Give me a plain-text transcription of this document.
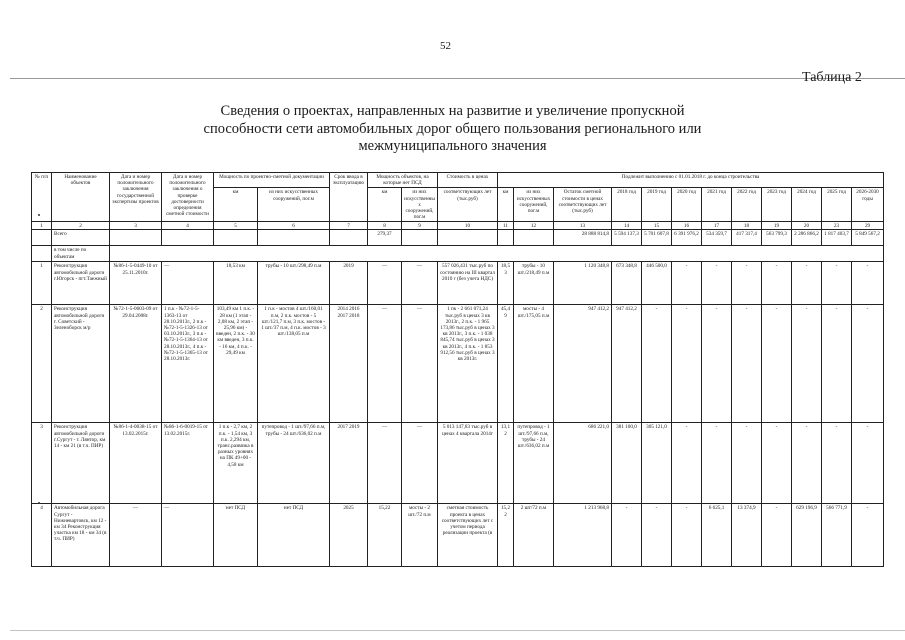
52
Таблица 2
Сведения о проектах, направленных на развитие и увеличение пропускной способности сети автомобильных дорог общего пользования регионального или межмуниципального значения
№ п/п	Наименование объектов	Дата и номер положительного заключения государственной экспертизы проектов	Дата и номер положительного заключения о проверке достоверности определения сметной стоимости	Мощность по проектно-сметной документации		Срок ввода в эксплуатацию	Мощность объектов, на которые нет ПСД		Стоимость в ценах	Подлежит выполнению с 01.01.2018 г. до конца строительства											
				км	из них искусственных сооружений, пог.м		км	из них искусственных сооружений, пог.м	соответствующих лет (тыс.руб)	км	из них искусственных сооружений, пог.м	Остаток сметной стоимости в ценах соответствующих лет (тыс.руб)	2018 год	2019 год	2020 год	2021 год	2022 год	2023 год	2024 год	2025 год	2026-2030 годы
1	2	3	4	5	6	7	8	9	10	11	12	13	14	15	16	17	18	19	20	23	29
	Всего						279,37					28 888 814,8	5 594 137,3	5 701 607,8	6 391 976,2	534 359,7	417 317,4	563 799,3	2 286 866,2	1 817 403,7	5 849 567,2
	в том числе по объектам																				
1	Реконструкция автомобильной дороги г.Югорск - пгт.Таежный	№86-1-5-0449-10 от 25.11.2010г.	—	18,53 км	трубы - 10 шт./298,49 п.м	2019	—	—	557 026,431 тыс.руб по состоянию на III квартал 2010 г (без учета НДС)	18,5 3	трубы - 10 шт./218,49 п.м	1 120 348,8	673 348,8	446 500,0	-	-	-	-	-	-	-
2	Реконструкция автомобильной дороги г. Советский - Зеленоборск м/р	№72-1-5-0603-09 от 29.04.2008г.	1 п.к - №72-1-5-1363-13 от 28.10.2013г., 2 п.к - №72-1-5-1326-13 от 03.10.2013г., 3 п.к - №72-1-5-1364-13 от 28.10.2013г., 4 п.к - №72-1-5-1365-13 от 28.10.2013г.	103,49 км 1 п.к. - 28 км (1 этап - 2,08 км, 2 этап - 25,96 км) - введен, 2 п.к. - 30 км введен, 3 п.к. - 16 км, 4 п.к. - 29,49 км	1 п.к - мостов 4 шт./160,01 п.м, 2 п.к. мостов - 5 шт./121,7 п.м, 3 п.к. мостов - 1 шт./37 п.м, 4 п.к. мостов - 3 шт./138,05 п.м	2014 2016 2017 2018	—	—	1 пк - 2 661 071,24 тыс.руб в ценах 3 кв 2013г., 2 п.к. - 1 965 173,86 тыс.руб в ценах 3 кв 2013г., 3 п.к. - 1 038 845,74 тыс.руб в ценах 3 кв 2013г., 4 п.к. - 1 853 912,56 тыс.руб в ценах 3 кв 2013г.	45,4 9	мосты - 4 шт./175,05 п.м	947 412,2	947 412,2	-	-	-	-	-	-	-	-
3	Реконструкция автомобильной дороги г.Сургут - г. Лянтор, км 14 - км 21 (в т.ч. ПИР)	№86-1-4-0038-15 от 13.02.2015г.	№86-1-6-0019-15 от 13.02.2015г.	1 п.к - 2,7 км, 2 п.к. - 1,54 км, 3 п.к. 2,294 км, транс.развязка в разных уровнях на ПК 49+00 - 4,58 км	путепровод - 1 шт./97,66 п.м, трубы - 24 шт./636,02 п.м	2017 2019	—	—	5 013 147,83 тыс.руб в ценах 4 квартала 2014г	13,1 2	путепровод - 1 шт./97,66 п.м, трубы - 24 шт./636,02 п.м	686 221,0	381 100,0	305 121,0	-	-	-	-	-	-	-
4	Автомобильная дорога Сургут - Нижневартовск, км 12 - км 34 Реконструкция участка км 18 - км 34 (в т.ч. ПИР)	—	—	нет ПСД	нет ПСД	2025	15,22	мосты - 2 шт./72 п.м	сметная стоимость проекта в ценах соответствующих лет с учетом периода реализации проекта (в	15,2 2	2 шт/72 п.м	1 213 968,8	-	-	-	6 625,1	13 374,9	-	629 196,9	566 771,9	-
